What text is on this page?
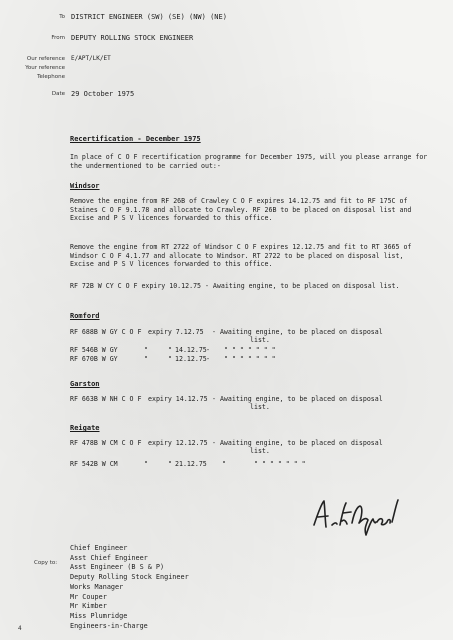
To DISTRICT ENGINEER (SW) (SE) (NW) (NE)
From DEPUTY ROLLING STOCK ENGINEER
Our reference E/APT/LK/ET
Your reference
Telephone
Date 29 October 1975
Recertification - December 1975
In place of C O F recertification programme for December 1975, will you please arrange for the undermentioned to be carried out:-
Windsor
Remove the engine from RF 26B of Crawley C O F expires 14.12.75 and fit to RF 175C of Staines C O F 9.1.78 and allocate to Crawley. RF 26B to be placed on disposal list and Excise and P S V licences forwarded to this office.
Remove the engine from RT 2722 of Windsor C O F expires 12.12.75 and fit to RT 3665 of Windsor C O F 4.1.77 and allocate to Windsor. RT 2722 to be placed on disposal list, Excise and P S V licences forwarded to this office.
RF 72B W CY C O F expiry 10.12.75 - Awaiting engine, to be placed on disposal list.
Romford
RF 688B W GY C O F expiry 7.12.75 - Awaiting engine, to be placed on disposal
list.
RF 546B W GY	"	" 14.12.75 - " " " " " " "
RF 670B W GY	"	" 12.12.75 - " " " " " " "
Garston
RF 663B W NH C O F expiry 14.12.75 - Awaiting engine, to be placed on disposal
list.
Reigate
RF 478B W CM C O F expiry 12.12.75 - Awaiting engine, to be placed on disposal
list.
RF 542B W CM	"	" 21.12.75 "	" " " " " " "
Copy to:
Chief Engineer
Asst Chief Engineer
Asst Engineer (B S & P)
Deputy Rolling Stock Engineer
Works Manager
Mr Couper
Mr Kimber
Miss Plumridge
Engineers-in-Charge
4
